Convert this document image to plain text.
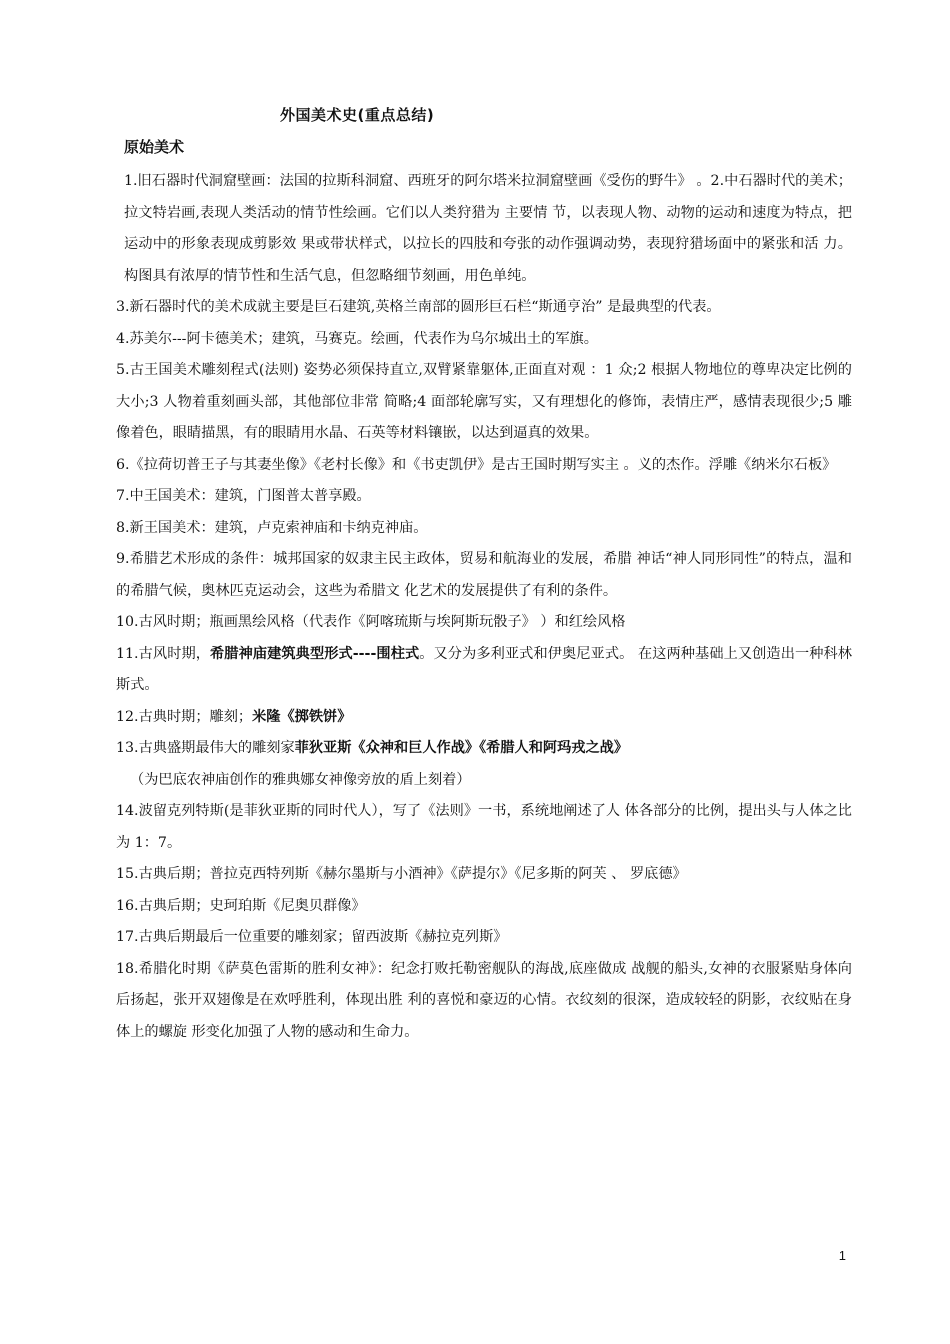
外国美术史(重点总结)
原始美术

1.旧石器时代洞窟壁画：法国的拉斯科洞窟、西班牙的阿尔塔米拉洞窟壁画《受伤的野牛》 。2.中石器时代的美术；拉文特岩画,表现人类活动的情节性绘画。它们以人类狩猎为 主要情 节，以表现人物、动物的运动和速度为特点，把运动中的形象表现成剪影效 果或带状样式，以拉长的四肢和夸张的动作强调动势，表现狩猎场面中的紧张和活 力。构图具有浓厚的情节性和生活气息，但忽略细节刻画，用色单纯。

3.新石器时代的美术成就主要是巨石建筑,英格兰南部的圆形巨石栏“斯通亨治” 是最典型的代表。

4.苏美尔---阿卡德美术；建筑，马赛克。绘画，代表作为乌尔城出土的军旗。

5.古王国美术雕刻程式(法则) 姿势必须保持直立,双臂紧靠躯体,正面直对观 ：1 众;2 根据人物地位的尊卑决定比例的大小;3 人物着重刻画头部，其他部位非常 简略;4 面部轮廓写实，又有理想化的修饰，表情庄严，感情表现很少;5 雕像着色，眼睛描黑，有的眼睛用水晶、石英等材料镶嵌，以达到逼真的效果。

6.《拉荷切普王子与其妻坐像》《老村长像》和《书吏凯伊》是古王国时期写实主 。义的杰作。浮雕《纳米尔石板》

7.中王国美术：建筑，门图普太普享殿。

8.新王国美术：建筑，卢克索神庙和卡纳克神庙。

9.希腊艺术形成的条件：城邦国家的奴隶主民主政体，贸易和航海业的发展，希腊 神话“神人同形同性”的特点，温和的希腊气候，奥林匹克运动会，这些为希腊文 化艺术的发展提供了有利的条件。

10.古风时期；瓶画黑绘风格（代表作《阿喀琉斯与埃阿斯玩骰子》 ）和红绘风格

11.古风时期，希腊神庙建筑典型形式----围柱式。又分为多利亚式和伊奥尼亚式。 在这两种基础上又创造出一种科林斯式。

12.古典时期；雕刻；米隆《掷铁饼》

13.古典盛期最伟大的雕刻家菲狄亚斯《众神和巨人作战》《希腊人和阿玛戎之战》

（为巴底农神庙创作的雅典娜女神像旁放的盾上刻着）

14.波留克列特斯(是菲狄亚斯的同时代人），写了《法则》一书，系统地阐述了人 体各部分的比例，提出头与人体之比为 1：7。

15.古典后期；普拉克西特列斯《赫尔墨斯与小酒神》《萨提尔》《尼多斯的阿芙 、 罗底德》

16.古典后期；史珂珀斯《尼奥贝群像》

17.古典后期最后一位重要的雕刻家；留西波斯《赫拉克列斯》

18.希腊化时期《萨莫色雷斯的胜利女神》：纪念打败托勒密舰队的海战,底座做成 战舰的船头,女神的衣服紧贴身体向后扬起，张开双翅像是在欢呼胜利，体现出胜 利的喜悦和豪迈的心情。衣纹刻的很深，造成较轻的阴影，衣纹贴在身体上的螺旋 形变化加强了人物的感动和生命力。

1
